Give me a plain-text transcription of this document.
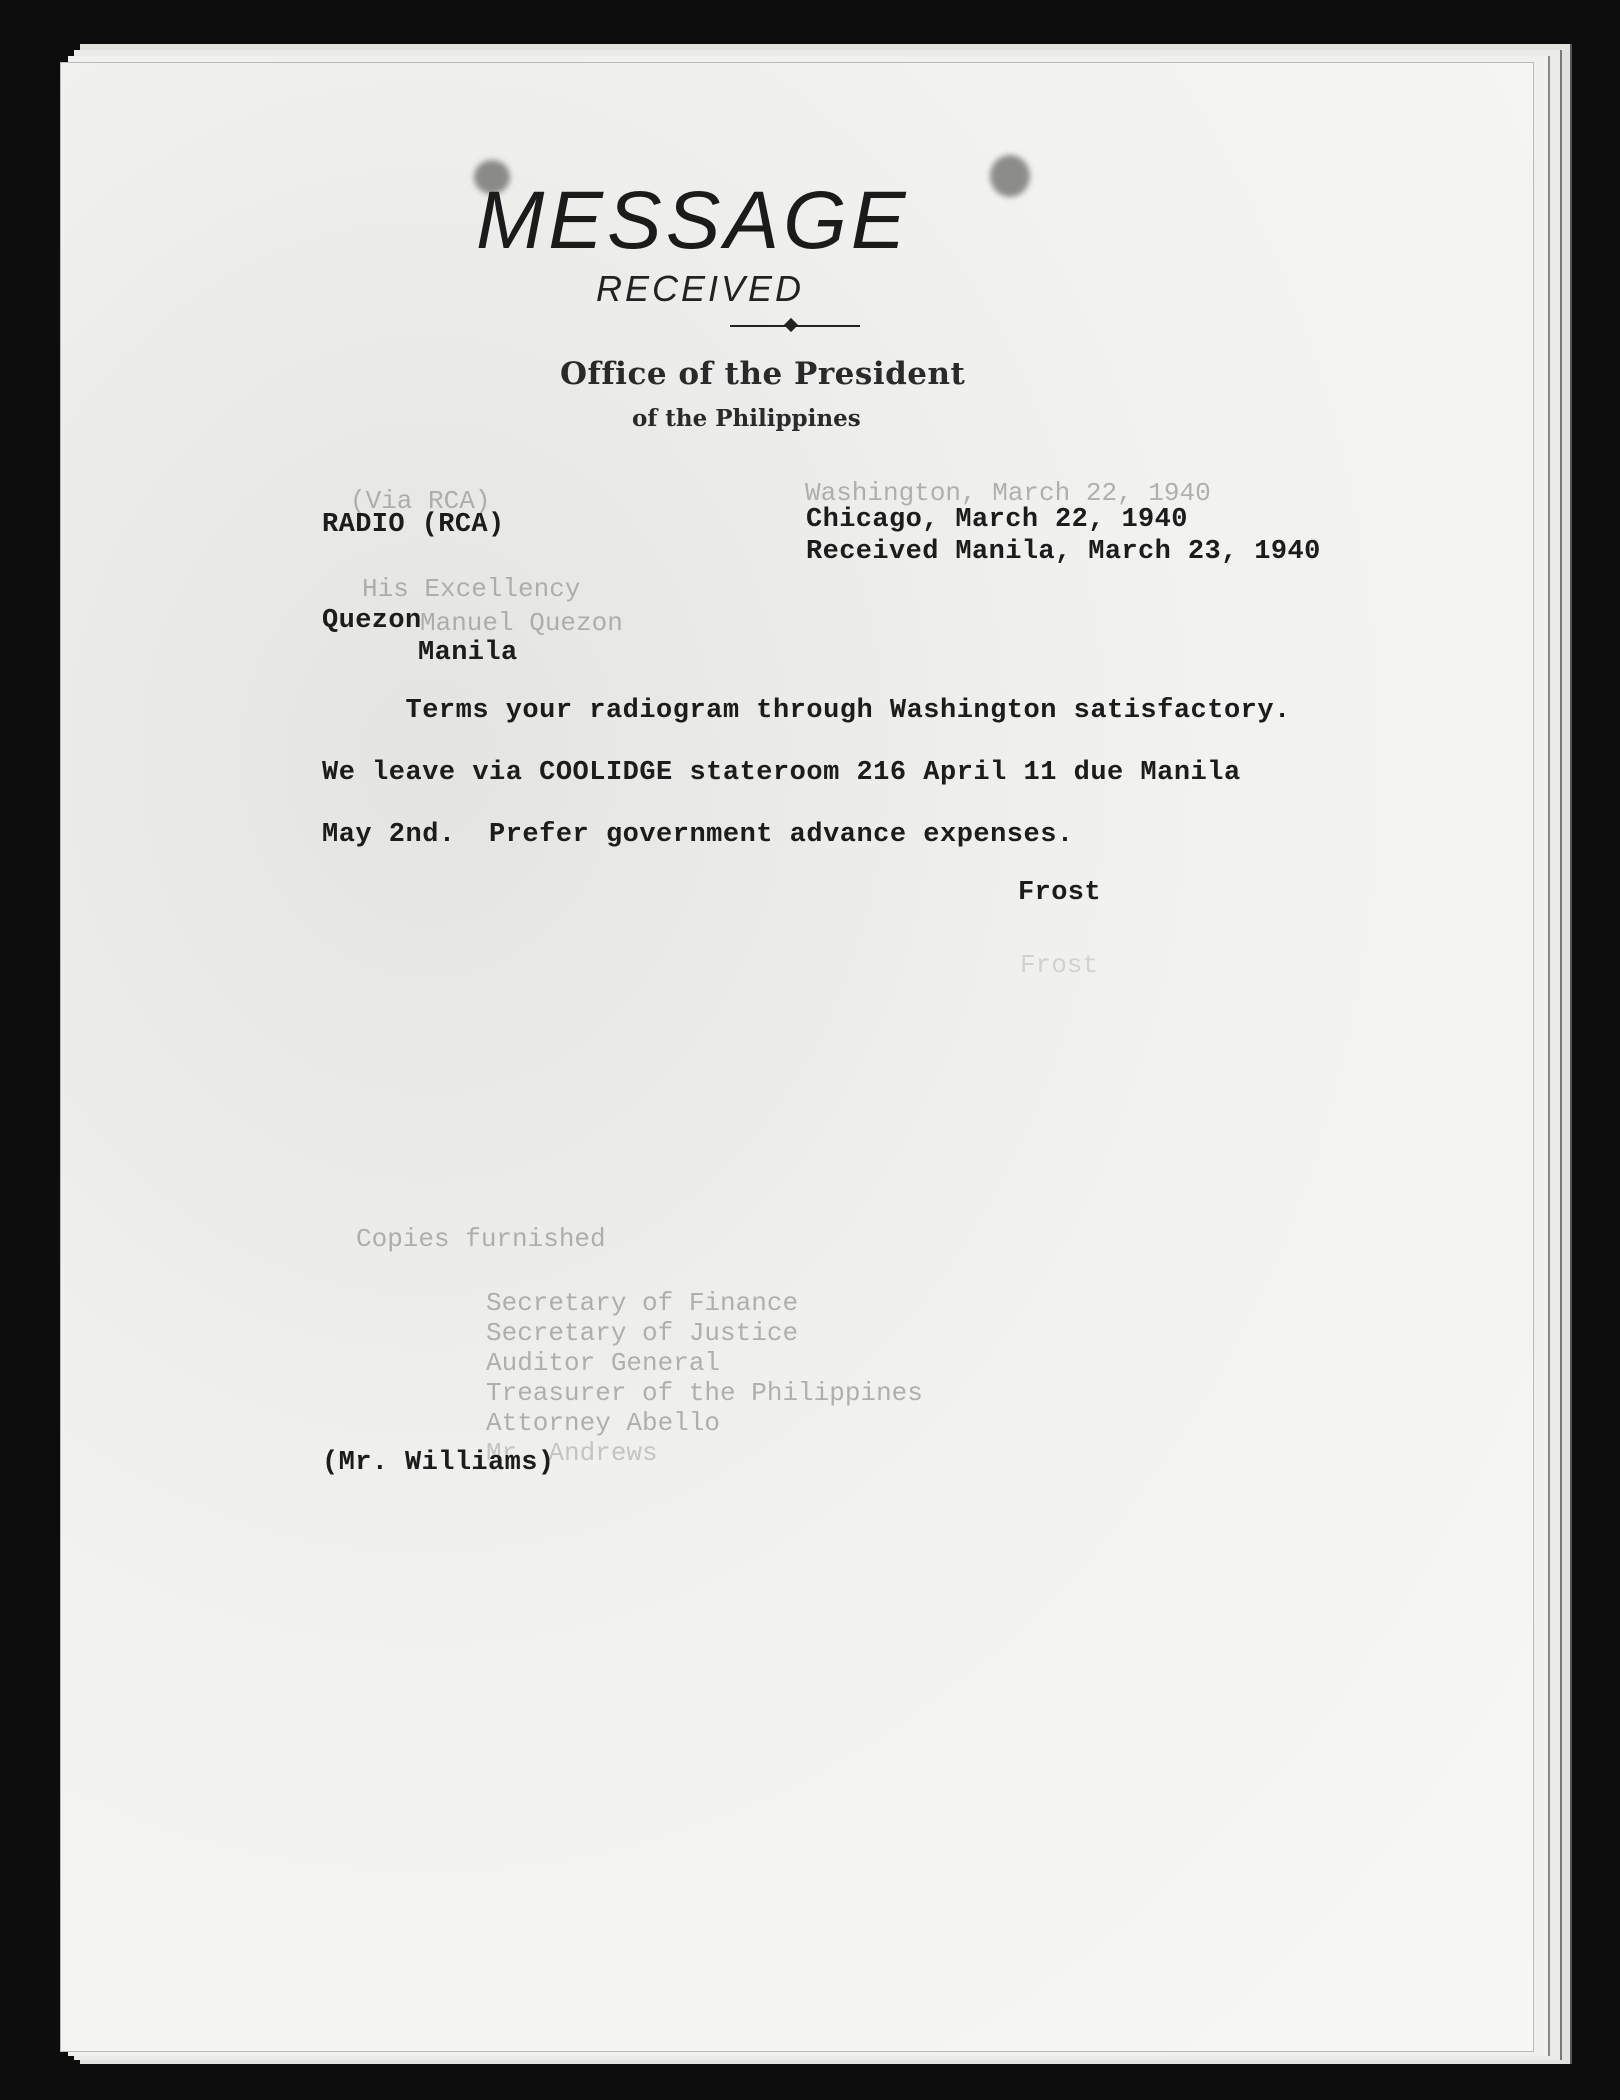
(Via RCA)	Washington, March 22, 1940
His Excellency
Manuel Quezon
Frost
Copies furnished
Secretary of Finance
Secretary of Justice
Auditor General
Treasurer of the Philippines
Attorney Abello
Mr. Andrews
MESSAGE
RECEIVED
Office of the President
of the Philippines
RADIO (RCA)	Chicago, March 22, 1940
Received Manila, March 23, 1940
Quezon
Manila
Terms your radiogram through Washington satisfactory.
We leave via COOLIDGE stateroom 216 April 11 due Manila
May 2nd.  Prefer government advance expenses.
Frost
(Mr. Williams)
